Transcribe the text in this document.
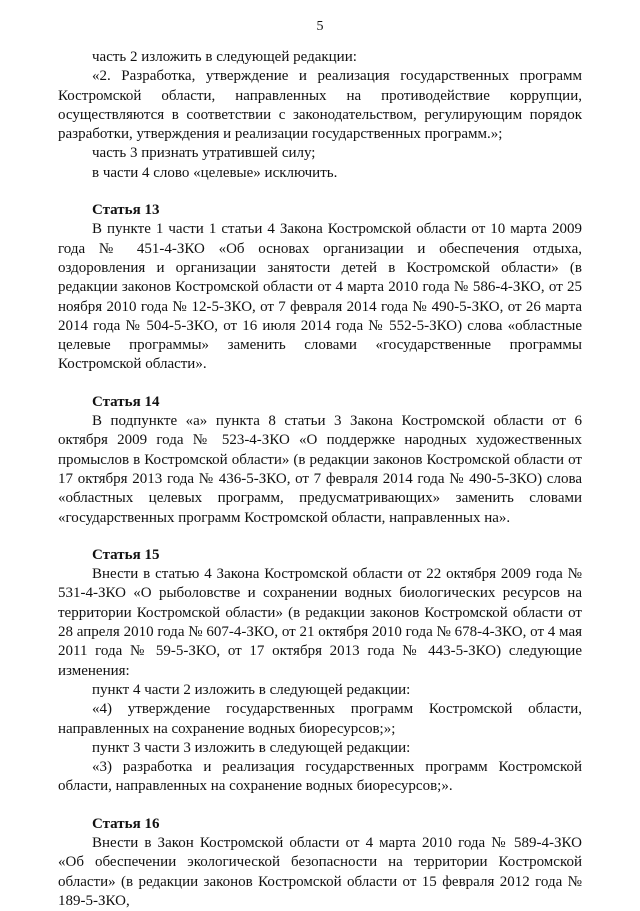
5

часть 2 изложить в следующей редакции:

«2. Разработка, утверждение и реализация государственных программ Костромской области, направленных на противодействие коррупции, осуществляются в соответствии с законодательством, регулирующим порядок разработки, утверждения и реализации государственных программ.»;

часть 3 признать утратившей силу;

в части 4 слово «целевые» исключить.

Статья 13

В пункте 1 части 1 статьи 4 Закона Костромской области от 10 марта 2009 года № 451-4-ЗКО «Об основах организации и обеспечения отдыха, оздоровления и организации занятости детей в Костромской области» (в редакции законов Костромской области от 4 марта 2010 года № 586-4-ЗКО, от 25 ноября 2010 года № 12-5-ЗКО, от 7 февраля 2014 года № 490-5-ЗКО, от 26 марта 2014 года № 504-5-ЗКО, от 16 июля 2014 года № 552-5-ЗКО) слова «областные целевые программы» заменить словами «государственные программы Костромской области».

Статья 14

В подпункте «а» пункта 8 статьи 3 Закона Костромской области от 6 октября 2009 года № 523-4-ЗКО «О поддержке народных художественных промыслов в Костромской области» (в редакции законов Костромской области от 17 октября 2013 года № 436-5-ЗКО, от 7 февраля 2014 года № 490-5-ЗКО) слова «областных целевых программ, предусматривающих» заменить словами «государственных программ Костромской области, направленных на».

Статья 15

Внести в статью 4 Закона Костромской области от 22 октября 2009 года № 531-4-ЗКО «О рыболовстве и сохранении водных биологических ресурсов на территории Костромской области» (в редакции законов Костромской области от 28 апреля 2010 года № 607-4-ЗКО, от 21 октября 2010 года № 678-4-ЗКО, от 4 мая 2011 года № 59-5-ЗКО, от 17 октября 2013 года № 443-5-ЗКО) следующие изменения:

пункт 4 части 2 изложить в следующей редакции:

«4) утверждение государственных программ Костромской области, направленных на сохранение водных биоресурсов;»;

пункт 3 части 3 изложить в следующей редакции:

«3) разработка и реализация государственных программ Костромской области, направленных на сохранение водных биоресурсов;».

Статья 16

Внести в Закон Костромской области от 4 марта 2010 года № 589-4-ЗКО «Об обеспечении экологической безопасности на территории Костромской области» (в редакции законов Костромской области от 15 февраля 2012 года № 189-5-ЗКО,
